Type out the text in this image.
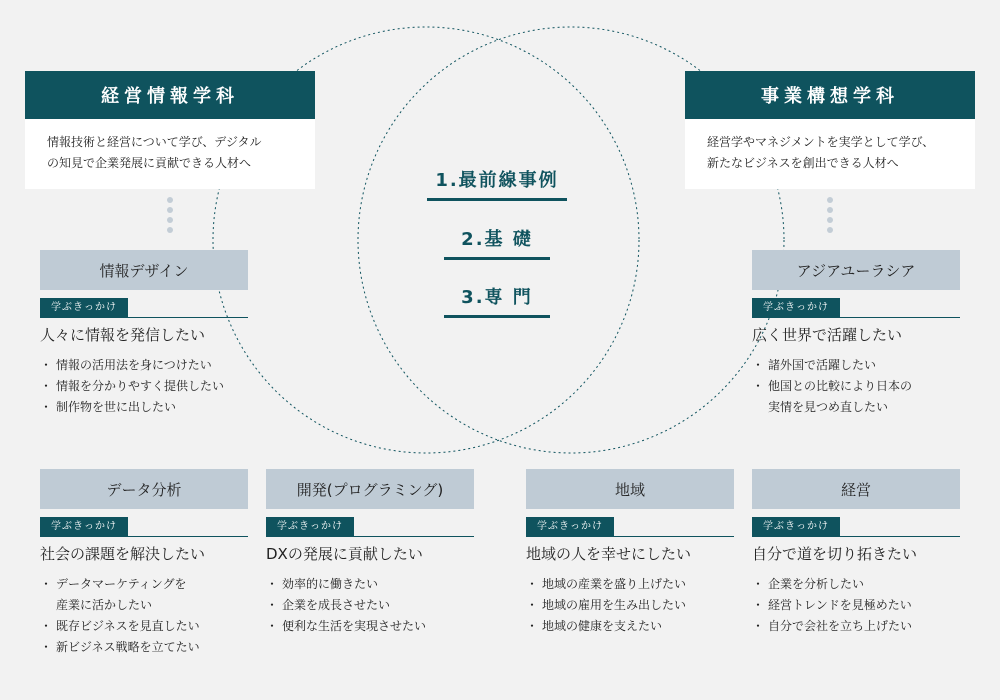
経営情報学科
情報技術と経営について学び、デジタル
の知見で企業発展に貢献できる人材へ
事業構想学科
経営学やマネジメントを実学として学び、
新たなビジネスを創出できる人材へ
1.最前線事例
2.基 礎
3.専 門
情報デザイン
学ぶきっかけ
人々に情報を発信したい
・ 情報の活用法を身につけたい
・ 情報を分かりやすく提供したい
・ 制作物を世に出したい
アジアユーラシア
学ぶきっかけ
広く世界で活躍したい
・ 諸外国で活躍したい
・ 他国との比較により日本の
実情を見つめ直したい
データ分析
学ぶきっかけ
社会の課題を解決したい
・ データマーケティングを
産業に活かしたい
・ 既存ビジネスを見直したい
・ 新ビジネス戦略を立てたい
開発(プログラミング)
学ぶきっかけ
DXの発展に貢献したい
・ 効率的に働きたい
・ 企業を成長させたい
・ 便利な生活を実現させたい
地域
学ぶきっかけ
地域の人を幸せにしたい
・ 地域の産業を盛り上げたい
・ 地域の雇用を生み出したい
・ 地域の健康を支えたい
経営
学ぶきっかけ
自分で道を切り拓きたい
・ 企業を分析したい
・ 経営トレンドを見極めたい
・ 自分で会社を立ち上げたい
